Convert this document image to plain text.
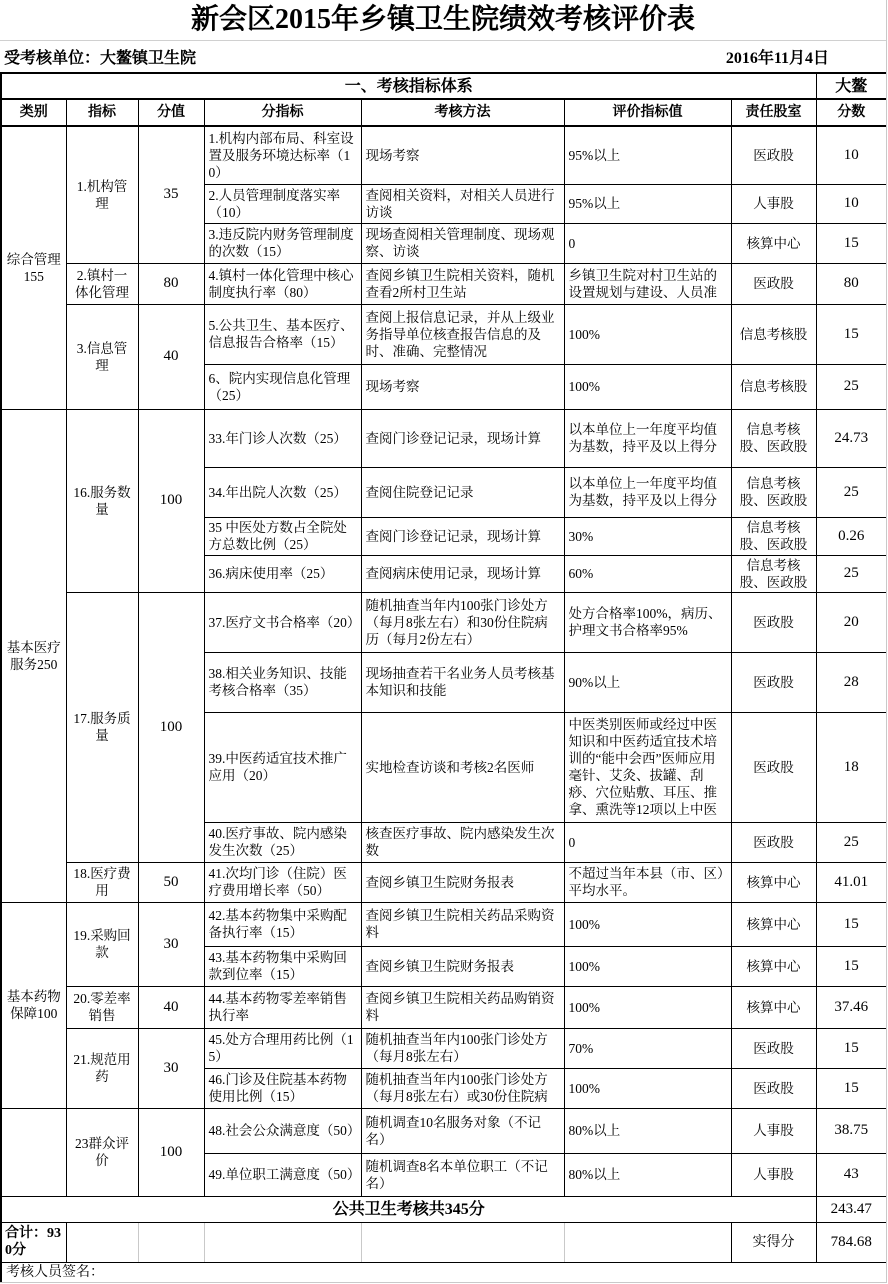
新会区2015年乡镇卫生院绩效考核评价表
受考核单位：大鳌镇卫生院	2016年11月4日
一、考核指标体系							大鳌
类别	指标	分值	分指标	考核方法	评价指标值	责任股室	分数
综合管理155	1.机构管理	35	1.机构内部布局、科室设置及服务环境达标率（10）	现场考察	95%以上	医政股	10
			2.人员管理制度落实率（10）	查阅相关资料，对相关人员进行访谈	95%以上	人事股	10
			3.违反院内财务管理制度的次数（15）	现场查阅相关管理制度、现场观察、访谈	0	核算中心	15
	2.镇村一体化管理	80	4.镇村一体化管理中核心制度执行率（80）	查阅乡镇卫生院相关资料，随机查看2所村卫生站	乡镇卫生院对村卫生站的设置规划与建设、人员准	医政股	80
	3.信息管理	40	5.公共卫生、基本医疗、信息报告合格率（15）	查阅上报信息记录，并从上级业务指导单位核查报告信息的及时、准确、完整情况	100%	信息考核股	15
			6、院内实现信息化管理（25）	现场考察	100%	信息考核股	25
基本医疗服务250	16.服务数量	100	33.年门诊人次数（25）	查阅门诊登记记录，现场计算	以本单位上一年度平均值为基数，持平及以上得分	信息考核股、医政股	24.73
			34.年出院人次数（25）	查阅住院登记记录	以本单位上一年度平均值为基数，持平及以上得分	信息考核股、医政股	25
			35 中医处方数占全院处方总数比例（25）	查阅门诊登记记录，现场计算	30%	信息考核股、医政股	0.26
			36.病床使用率（25）	查阅病床使用记录，现场计算	60%	信息考核股、医政股	25
	17.服务质量	100	37.医疗文书合格率（20）	随机抽查当年内100张门诊处方（每月8张左右）和30份住院病历（每月2份左右）	处方合格率100%，病历、护理文书合格率95%	医政股	20
			38.相关业务知识、技能考核合格率（35）	现场抽查若干名业务人员考核基本知识和技能	90%以上	医政股	28
			39.中医药适宜技术推广应用（20）	实地检查访谈和考核2名医师	中医类别医师或经过中医知识和中医药适宜技术培训的“能中会西”医师应用毫针、艾灸、拔罐、刮痧、穴位贴敷、耳压、推拿、熏洗等12项以上中医	医政股	18
			40.医疗事故、院内感染发生次数（25）	核查医疗事故、院内感染发生次数	0	医政股	25
	18.医疗费用	50	41.次均门诊（住院）医疗费用增长率（50）	查阅乡镇卫生院财务报表	不超过当年本县（市、区）平均水平。	核算中心	41.01
基本药物保障100	19.采购回款	30	42.基本药物集中采购配备执行率（15）	查阅乡镇卫生院相关药品采购资料	100%	核算中心	15
			43.基本药物集中采购回款到位率（15）	查阅乡镇卫生院财务报表	100%	核算中心	15
	20.零差率销售	40	44.基本药物零差率销售执行率	查阅乡镇卫生院相关药品购销资料	100%	核算中心	37.46
	21.规范用药	30	45.处方合理用药比例（15）	随机抽查当年内100张门诊处方（每月8张左右）	70%	医政股	15
			46.门诊及住院基本药物使用比例（15）	随机抽查当年内100张门诊处方（每月8张左右）或30份住院病	100%	医政股	15
	23群众评价	100	48.社会公众满意度（50）	随机调查10名服务对象（不记名）	80%以上	人事股	38.75
			49.单位职工满意度（50）	随机调查8名本单位职工（不记名）	80%以上	人事股	43
公共卫生考核共345分							243.47
合计：930分						实得分	784.68
考核人员签名：							
